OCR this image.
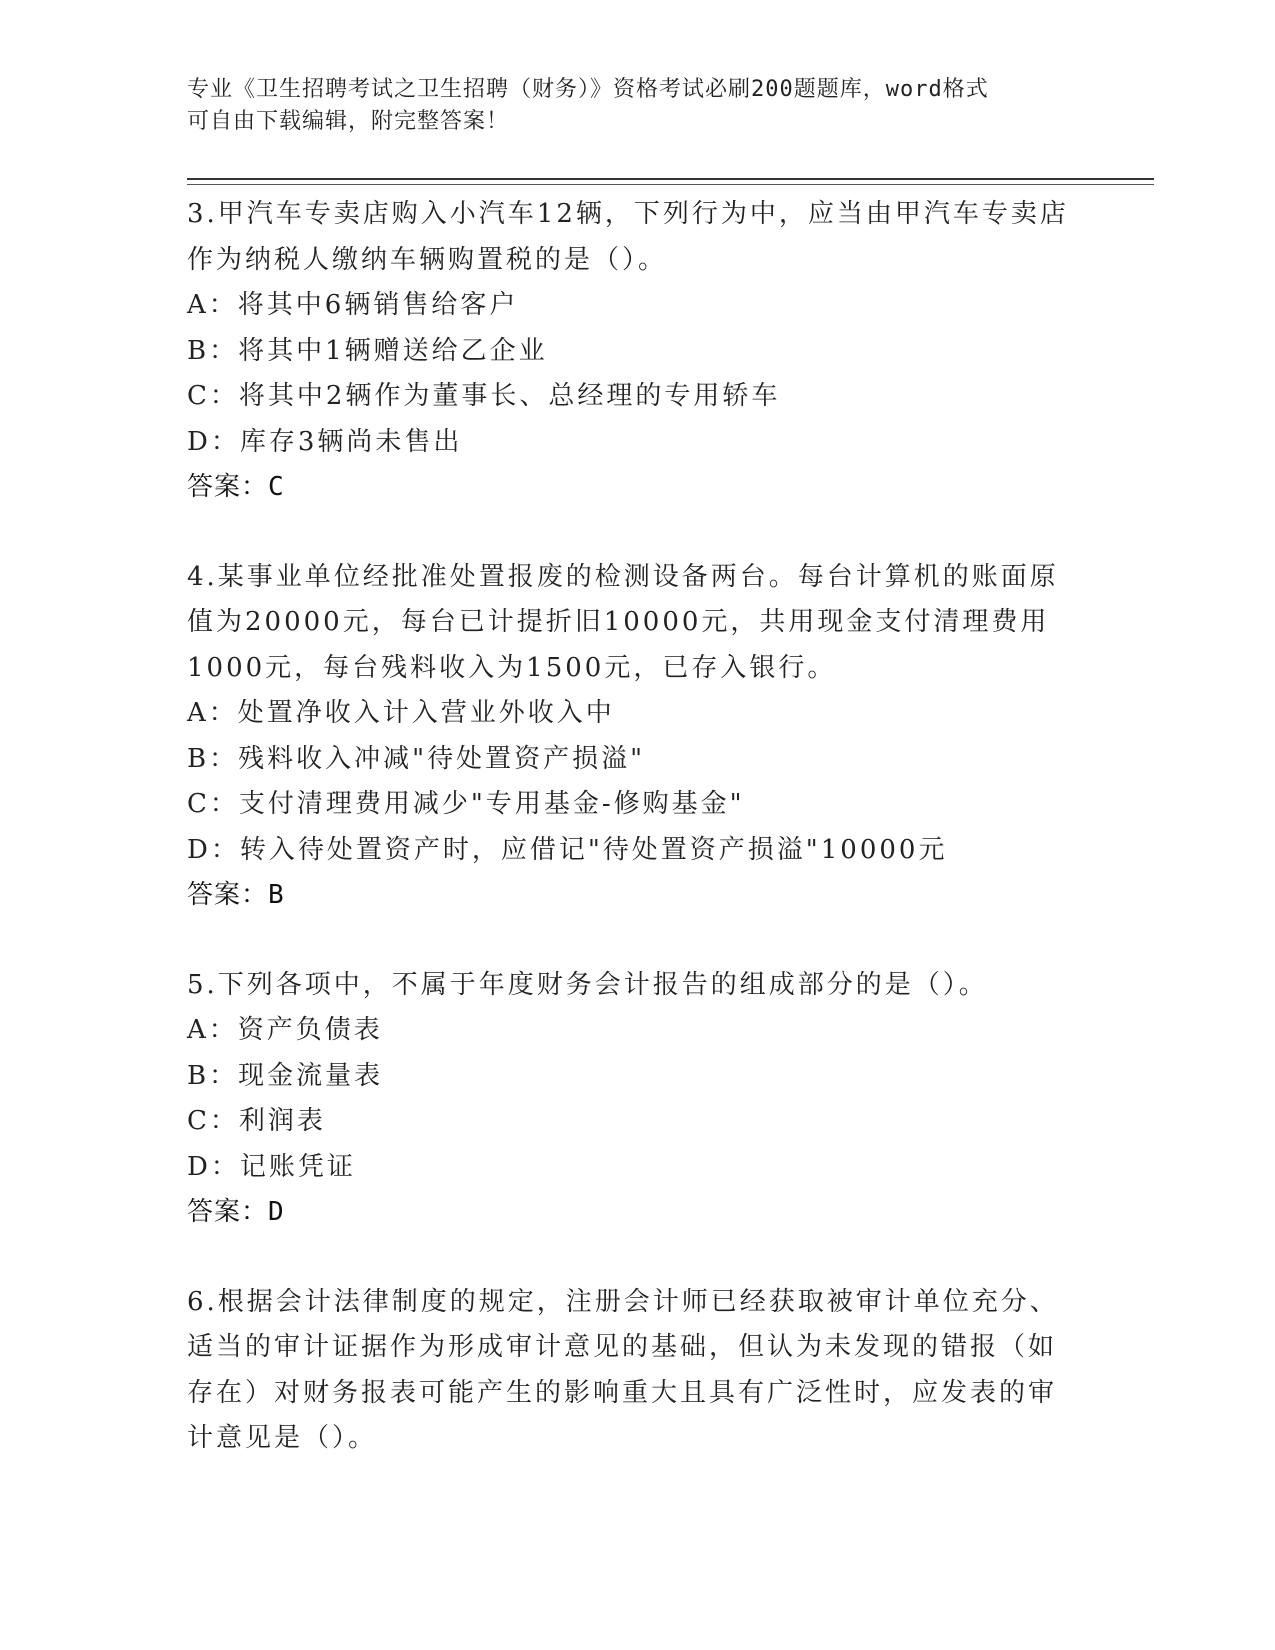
专业《卫生招聘考试之卫生招聘（财务）》资格考试必刷200题题库，word格式
可自由下载编辑，附完整答案！
3.甲汽车专卖店购入小汽车12辆，下列行为中，应当由甲汽车专卖店
作为纳税人缴纳车辆购置税的是（）。
A：将其中6辆销售给客户
B：将其中1辆赠送给乙企业
C：将其中2辆作为董事长、总经理的专用轿车
D：库存3辆尚未售出
答案：C
4.某事业单位经批准处置报废的检测设备两台。每台计算机的账面原
值为20000元，每台已计提折旧10000元，共用现金支付清理费用
1000元，每台残料收入为1500元，已存入银行。
A：处置净收入计入营业外收入中
B：残料收入冲减"待处置资产损溢"
C：支付清理费用减少"专用基金-修购基金"
D：转入待处置资产时，应借记"待处置资产损溢"10000元
答案：B
5.下列各项中，不属于年度财务会计报告的组成部分的是（）。
A：资产负债表
B：现金流量表
C：利润表
D：记账凭证
答案：D
6.根据会计法律制度的规定，注册会计师已经获取被审计单位充分、
适当的审计证据作为形成审计意见的基础，但认为未发现的错报（如
存在）对财务报表可能产生的影响重大且具有广泛性时，应发表的审
计意见是（）。
